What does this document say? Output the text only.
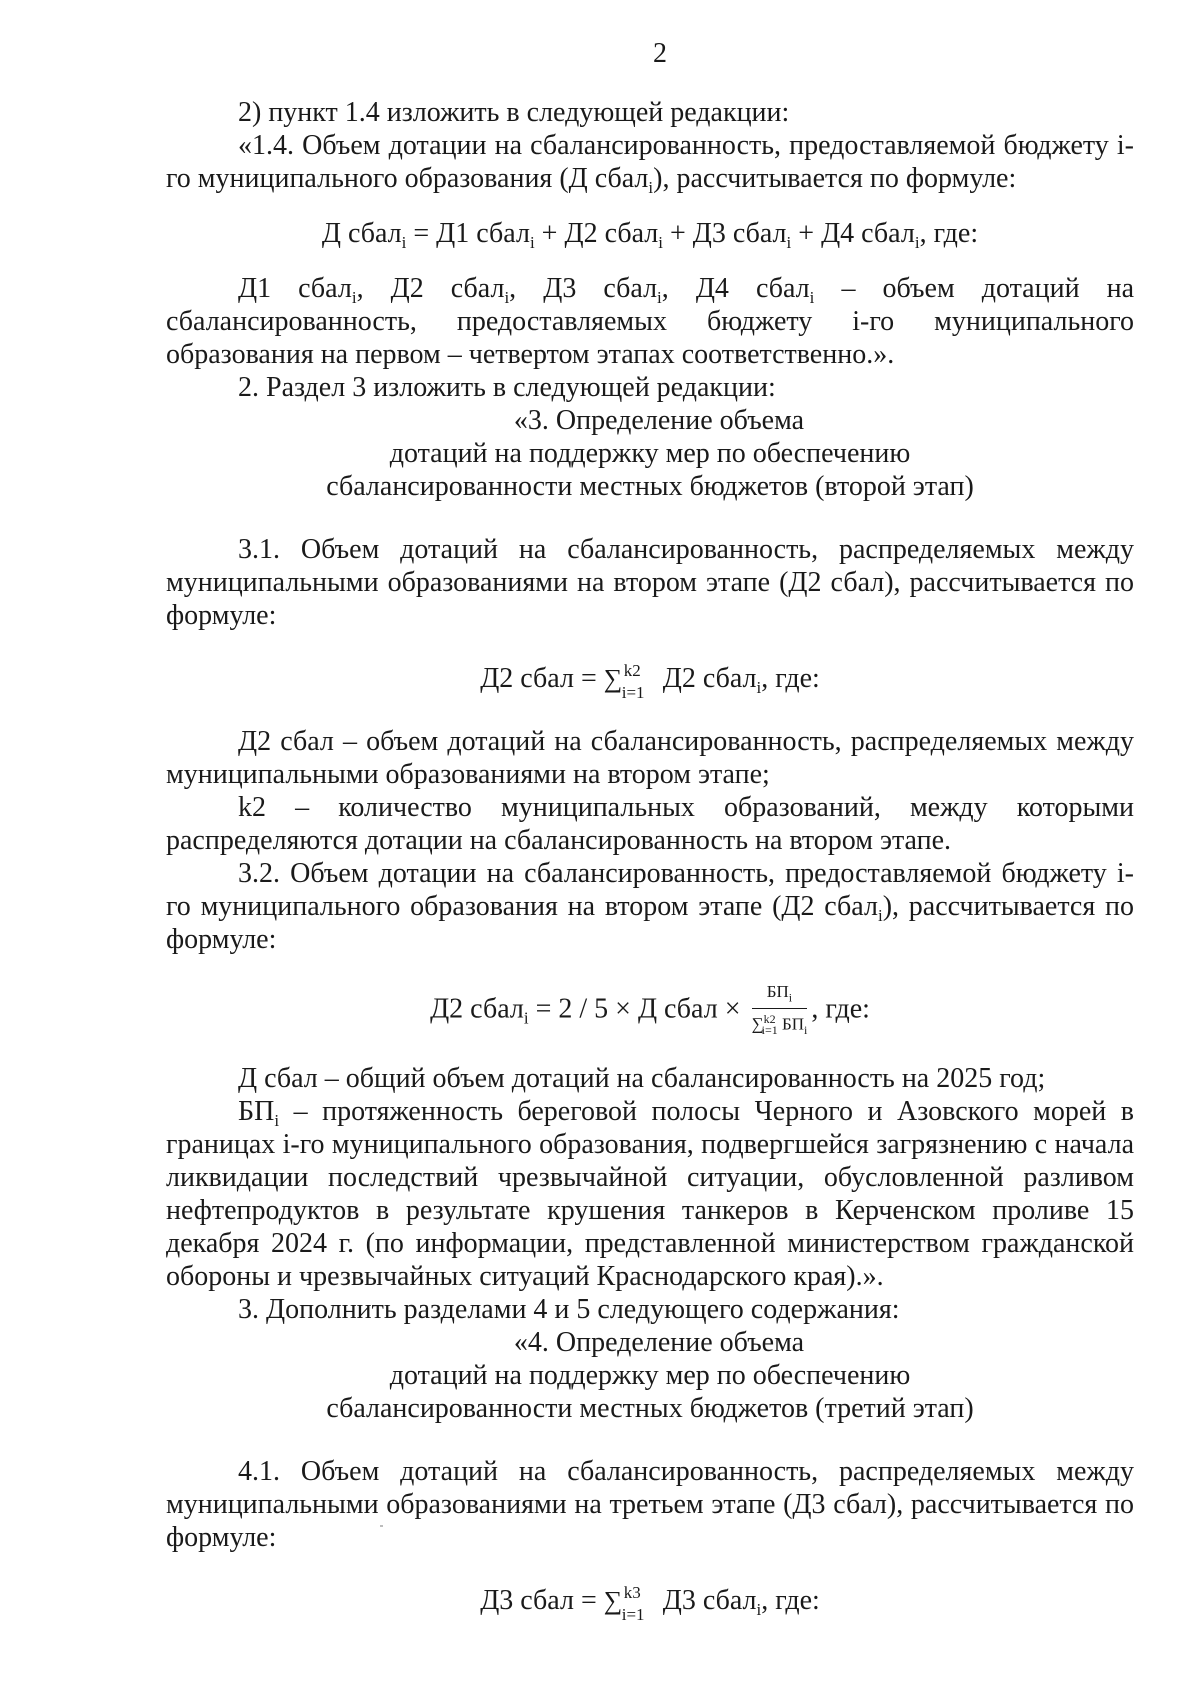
2

2) пункт 1.4 изложить в следующей редакции:

«1.4. Объем дотации на сбалансированность, предоставляемой бюджету i-го муниципального образования (Д сбал$_i$), рассчитывается по формуле:

Д сбал$_i$ = Д1 сбал$_i$ + Д2 сбал$_i$ + Д3 сбал$_i$ + Д4 сбал$_i$, где:

Д1 сбал$_i$, Д2 сбал$_i$, Д3 сбал$_i$, Д4 сбал$_i$ – объем дотаций на сбалансированность, предоставляемых бюджету i-го муниципального образования на первом – четвертом этапах соответственно.».

2. Раздел 3 изложить в следующей редакции:

«3. Определение объема
дотаций на поддержку мер по обеспечению
сбалансированности местных бюджетов (второй этап)

3.1. Объем дотаций на сбалансированность, распределяемых между муниципальными образованиями на втором этапе (Д2 сбал), рассчитывается по формуле:

Д2 сбал = ∑ k2
i=1 Д2 сбал$_i$, где:

Д2 сбал – объем дотаций на сбалансированность, распределяемых между муниципальными образованиями на втором этапе;

k2 – количество муниципальных образований, между которыми распределяются дотации на сбалансированность на втором этапе.

3.2. Объем дотации на сбалансированность, предоставляемой бюджету i-го муниципального образования на втором этапе (Д2 сбал$_i$), рассчитывается по формуле:

Д2 сбал$_i$ = 2 / 5 × Д сбал × $\frac{БП_i}{\sum^{k2}_{i=1} БП_i}$ , где:

Д сбал – общий объем дотаций на сбалансированность на 2025 год;

$БП_i$ – протяженность береговой полосы Черного и Азовского морей в границах i-го муниципального образования, подвергшейся загрязнению с начала ликвидации последствий чрезвычайной ситуации, обусловленной разливом нефтепродуктов в результате крушения танкеров в Керченском проливе 15 декабря 2024 г. (по информации, представленной министерством гражданской обороны и чрезвычайных ситуаций Краснодарского края).».

3. Дополнить разделами 4 и 5 следующего содержания:

«4. Определение объема
дотаций на поддержку мер по обеспечению
сбалансированности местных бюджетов (третий этап)

4.1. Объем дотаций на сбалансированность, распределяемых между муниципальными образованиями на третьем этапе (Д3 сбал), рассчитывается по формуле:

Д3 сбал = ∑ k3
i=1 Д3 сбал$_i$, где:
